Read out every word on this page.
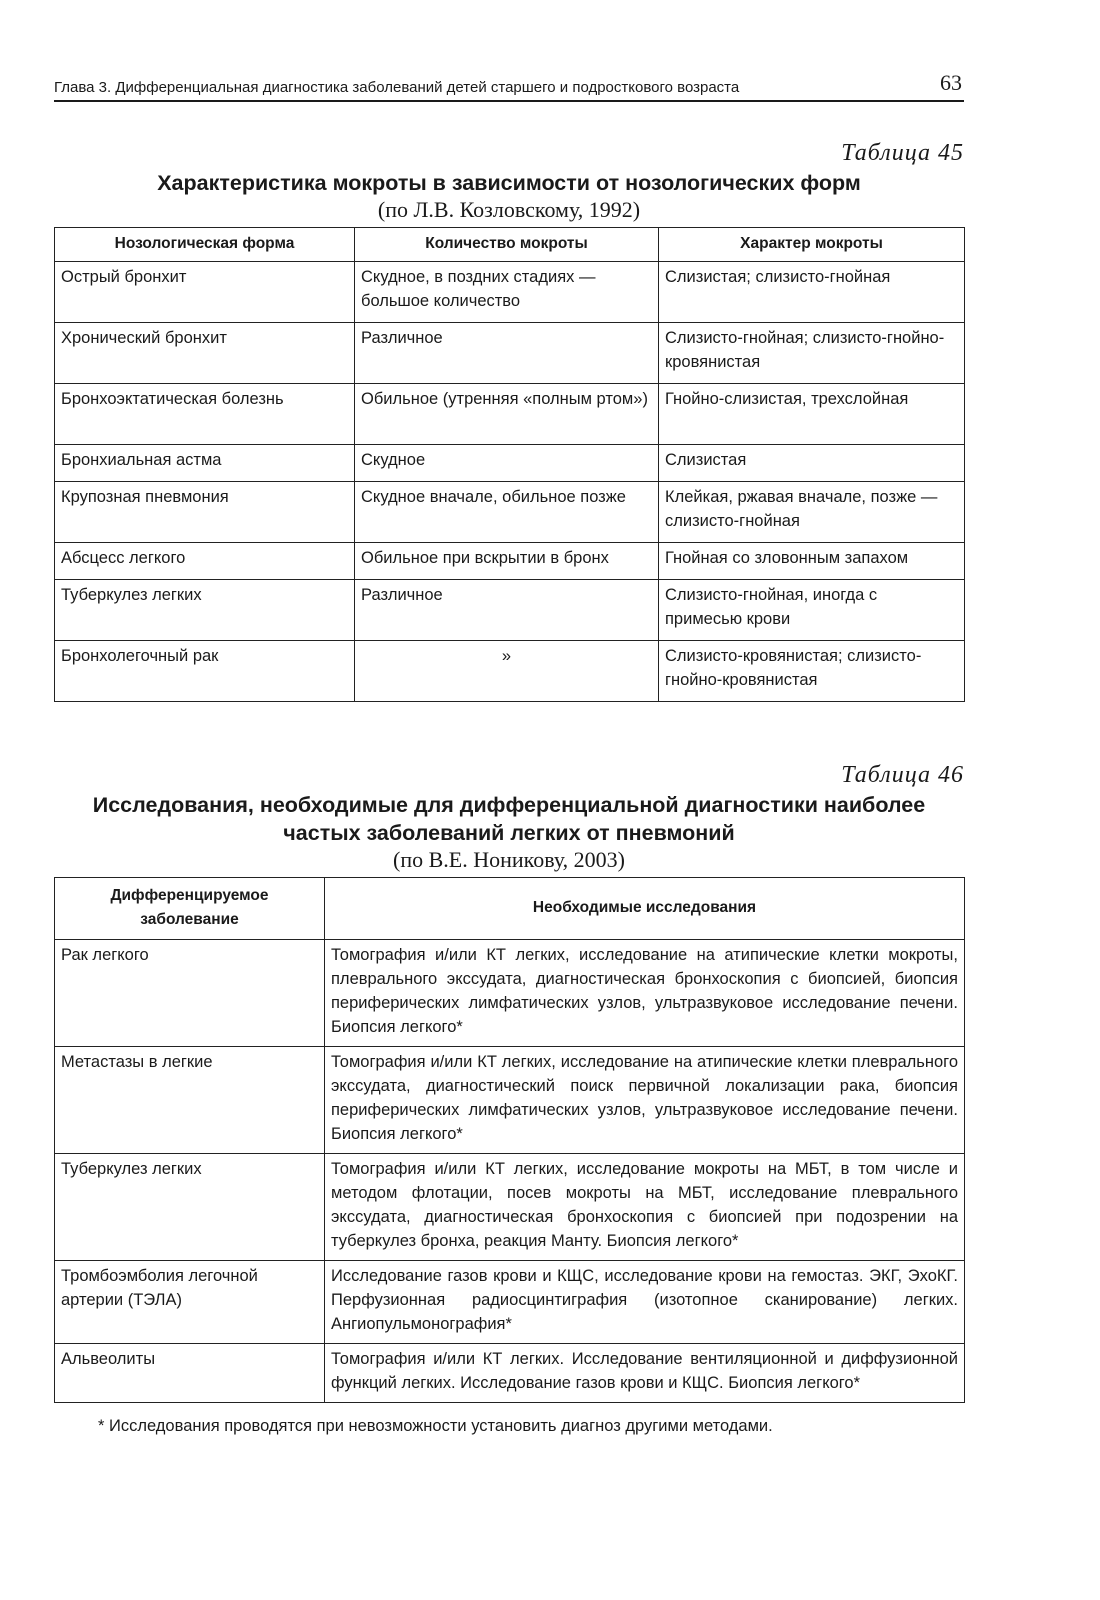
Глава 3. Дифференциальная диагностика заболеваний детей старшего и подросткового возраста	63

Таблица 45

Характеристика мокроты в зависимости от нозологических форм

(по Л.В. Козловскому, 1992)

Нозологическая форма	Количество мокроты	Характер мокроты
Острый бронхит	Скудное, в поздних стадиях — большое количество	Слизистая; слизисто-гнойная
Хронический бронхит	Различное	Слизисто-гнойная; слизисто-гнойно-кровянистая
Бронхоэктатическая болезнь	Обильное (утренняя «полным ртом»)	Гнойно-слизистая, трехслойная
Бронхиальная астма	Скудное	Слизистая
Крупозная пневмония	Скудное вначале, обильное позже	Клейкая, ржавая вначале, позже — слизисто-гнойная
Абсцесс легкого	Обильное при вскрытии в бронх	Гнойная со зловонным запахом
Туберкулез легких	Различное	Слизисто-гнойная, иногда с примесью крови
Бронхолегочный рак	»	Слизисто-кровянистая; слизисто-гнойно-кровянистая

Таблица 46

Исследования, необходимые для дифференциальной диагностики наиболее частых заболеваний легких от пневмоний

(по В.Е. Ноникову, 2003)

Дифференцируемое заболевание	Необходимые исследования
Рак легкого	Томография и/или КТ легких, исследование на атипические клетки мокроты, плеврального экссудата, диагностическая бронхоскопия с биопсией, биопсия периферических лимфатических узлов, ультразвуковое исследование печени. Биопсия легкого*
Метастазы в легкие	Томография и/или КТ легких, исследование на атипические клетки плеврального экссудата, диагностический поиск первичной локализации рака, биопсия периферических лимфатических узлов, ультразвуковое исследование печени. Биопсия легкого*
Туберкулез легких	Томография и/или КТ легких, исследование мокроты на МБТ, в том числе и методом флотации, посев мокроты на МБТ, исследование плеврального экссудата, диагностическая бронхоскопия с биопсией при подозрении на туберкулез бронха, реакция Манту. Биопсия легкого*
Тромбоэмболия легочной артерии (ТЭЛА)	Исследование газов крови и КЩС, исследование крови на гемостаз. ЭКГ, ЭхоКГ. Перфузионная радиосцинтиграфия (изотопное сканирование) легких. Ангиопульмонография*
Альвеолиты	Томография и/или КТ легких. Исследование вентиляционной и диффузионной функций легких. Исследование газов крови и КЩС. Биопсия легкого*

* Исследования проводятся при невозможности установить диагноз другими методами.
